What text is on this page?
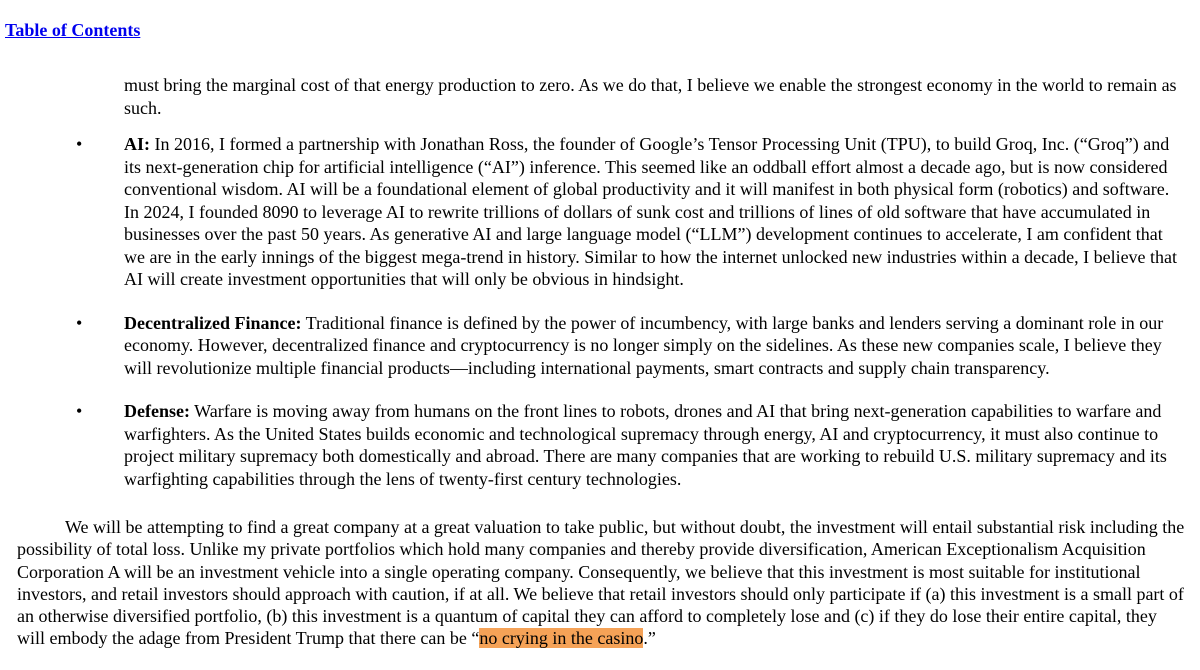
Table of Contents

must bring the marginal cost of that energy production to zero. As we do that, I believe we enable the strongest economy in the world to remain as such.

• AI: In 2016, I formed a partnership with Jonathan Ross, the founder of Google’s Tensor Processing Unit (TPU), to build Groq, Inc. (“Groq”) and its next-generation chip for artificial intelligence (“AI”) inference. This seemed like an oddball effort almost a decade ago, but is now considered conventional wisdom. AI will be a foundational element of global productivity and it will manifest in both physical form (robotics) and software. In 2024, I founded 8090 to leverage AI to rewrite trillions of dollars of sunk cost and trillions of lines of old software that have accumulated in businesses over the past 50 years. As generative AI and large language model (“LLM”) development continues to accelerate, I am confident that we are in the early innings of the biggest mega-trend in history. Similar to how the internet unlocked new industries within a decade, I believe that AI will create investment opportunities that will only be obvious in hindsight.
• Decentralized Finance: Traditional finance is defined by the power of incumbency, with large banks and lenders serving a dominant role in our economy. However, decentralized finance and cryptocurrency is no longer simply on the sidelines. As these new companies scale, I believe they will revolutionize multiple financial products—including international payments, smart contracts and supply chain transparency.
• Defense: Warfare is moving away from humans on the front lines to robots, drones and AI that bring next-generation capabilities to warfare and warfighters. As the United States builds economic and technological supremacy through energy, AI and cryptocurrency, it must also continue to project military supremacy both domestically and abroad. There are many companies that are working to rebuild U.S. military supremacy and its warfighting capabilities through the lens of twenty-first century technologies.

We will be attempting to find a great company at a great valuation to take public, but without doubt, the investment will entail substantial risk including the possibility of total loss. Unlike my private portfolios which hold many companies and thereby provide diversification, American Exceptionalism Acquisition Corporation A will be an investment vehicle into a single operating company. Consequently, we believe that this investment is most suitable for institutional investors, and retail investors should approach with caution, if at all. We believe that retail investors should only participate if (a) this investment is a small part of an otherwise diversified portfolio, (b) this investment is a quantum of capital they can afford to completely lose and (c) if they do lose their entire capital, they will embody the adage from President Trump that there can be “no crying in the casino.”
